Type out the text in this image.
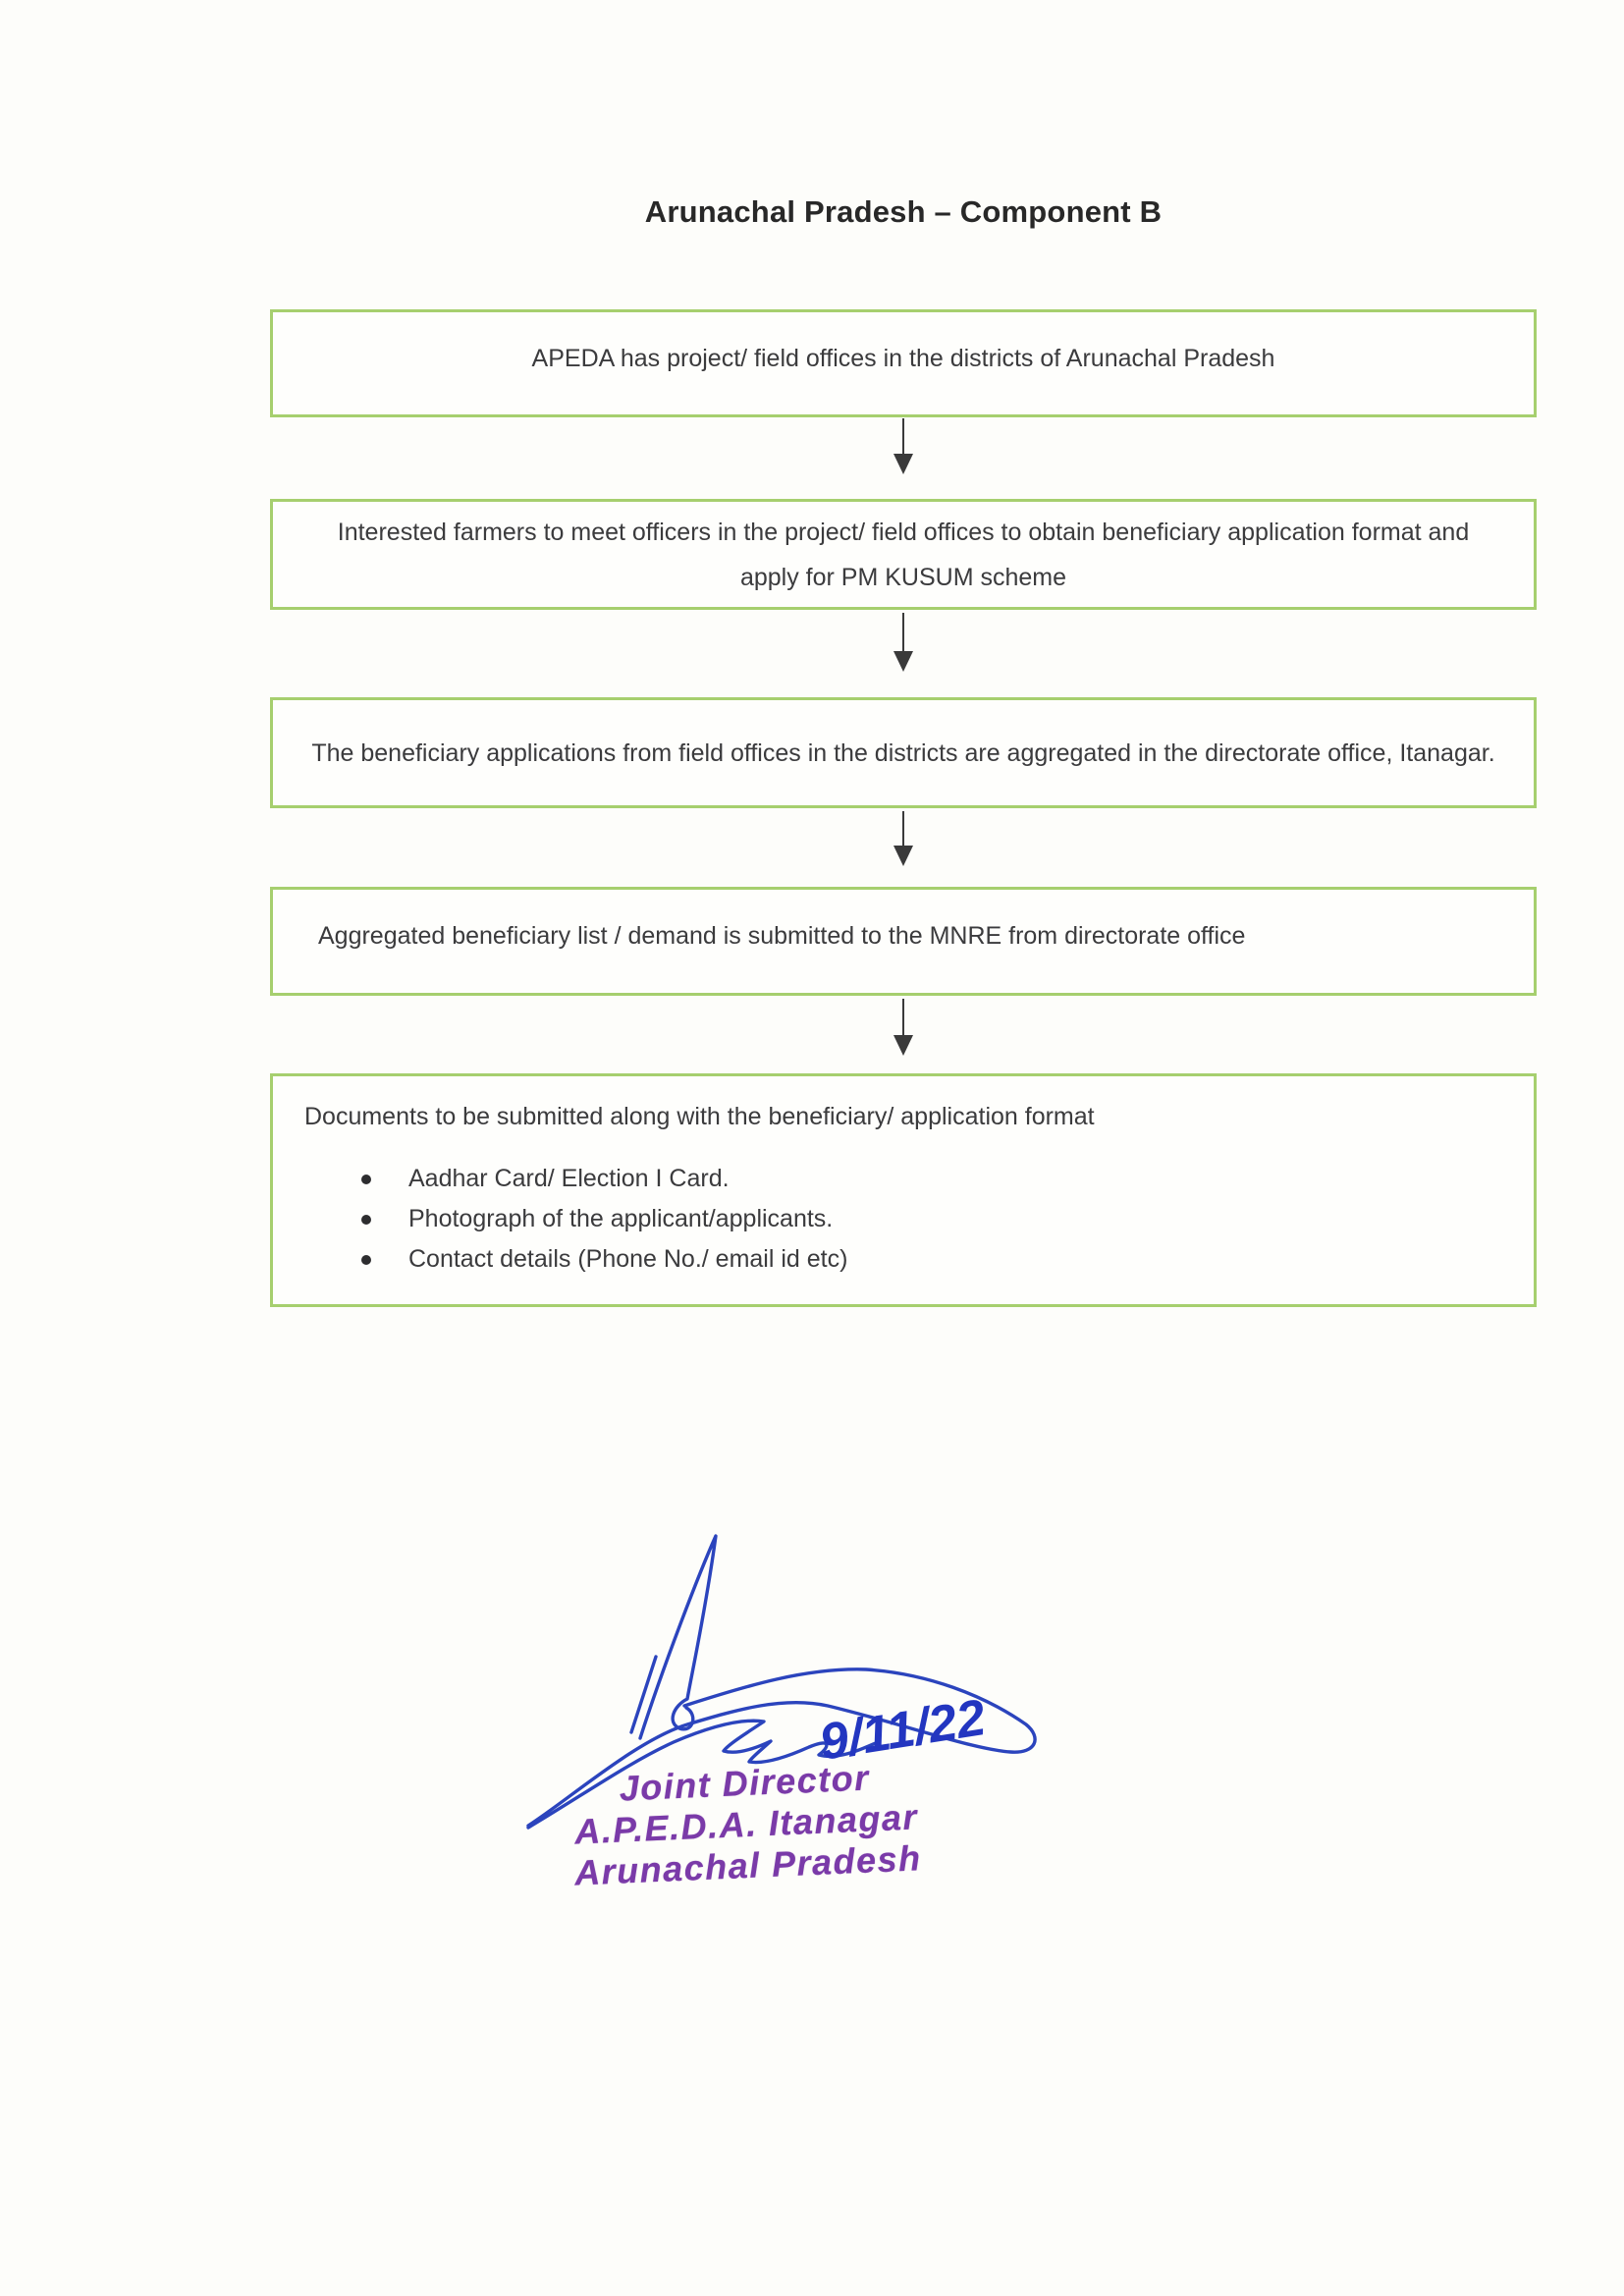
Arunachal Pradesh – Component B
APEDA has project/ field offices in the districts of Arunachal Pradesh
Interested farmers to meet officers in the project/ field offices to obtain beneficiary application format and apply for PM KUSUM scheme
The beneficiary applications from field offices in the districts are aggregated in the directorate office, Itanagar.
Aggregated beneficiary list / demand is submitted to the MNRE from directorate office
Documents to be submitted along with the beneficiary/ application format
Aadhar Card/ Election I Card.
Photograph of the applicant/applicants.
Contact details (Phone No./ email id etc)
9/11/22
Joint Director
A.P.E.D.A. Itanagar
Arunachal Pradesh
